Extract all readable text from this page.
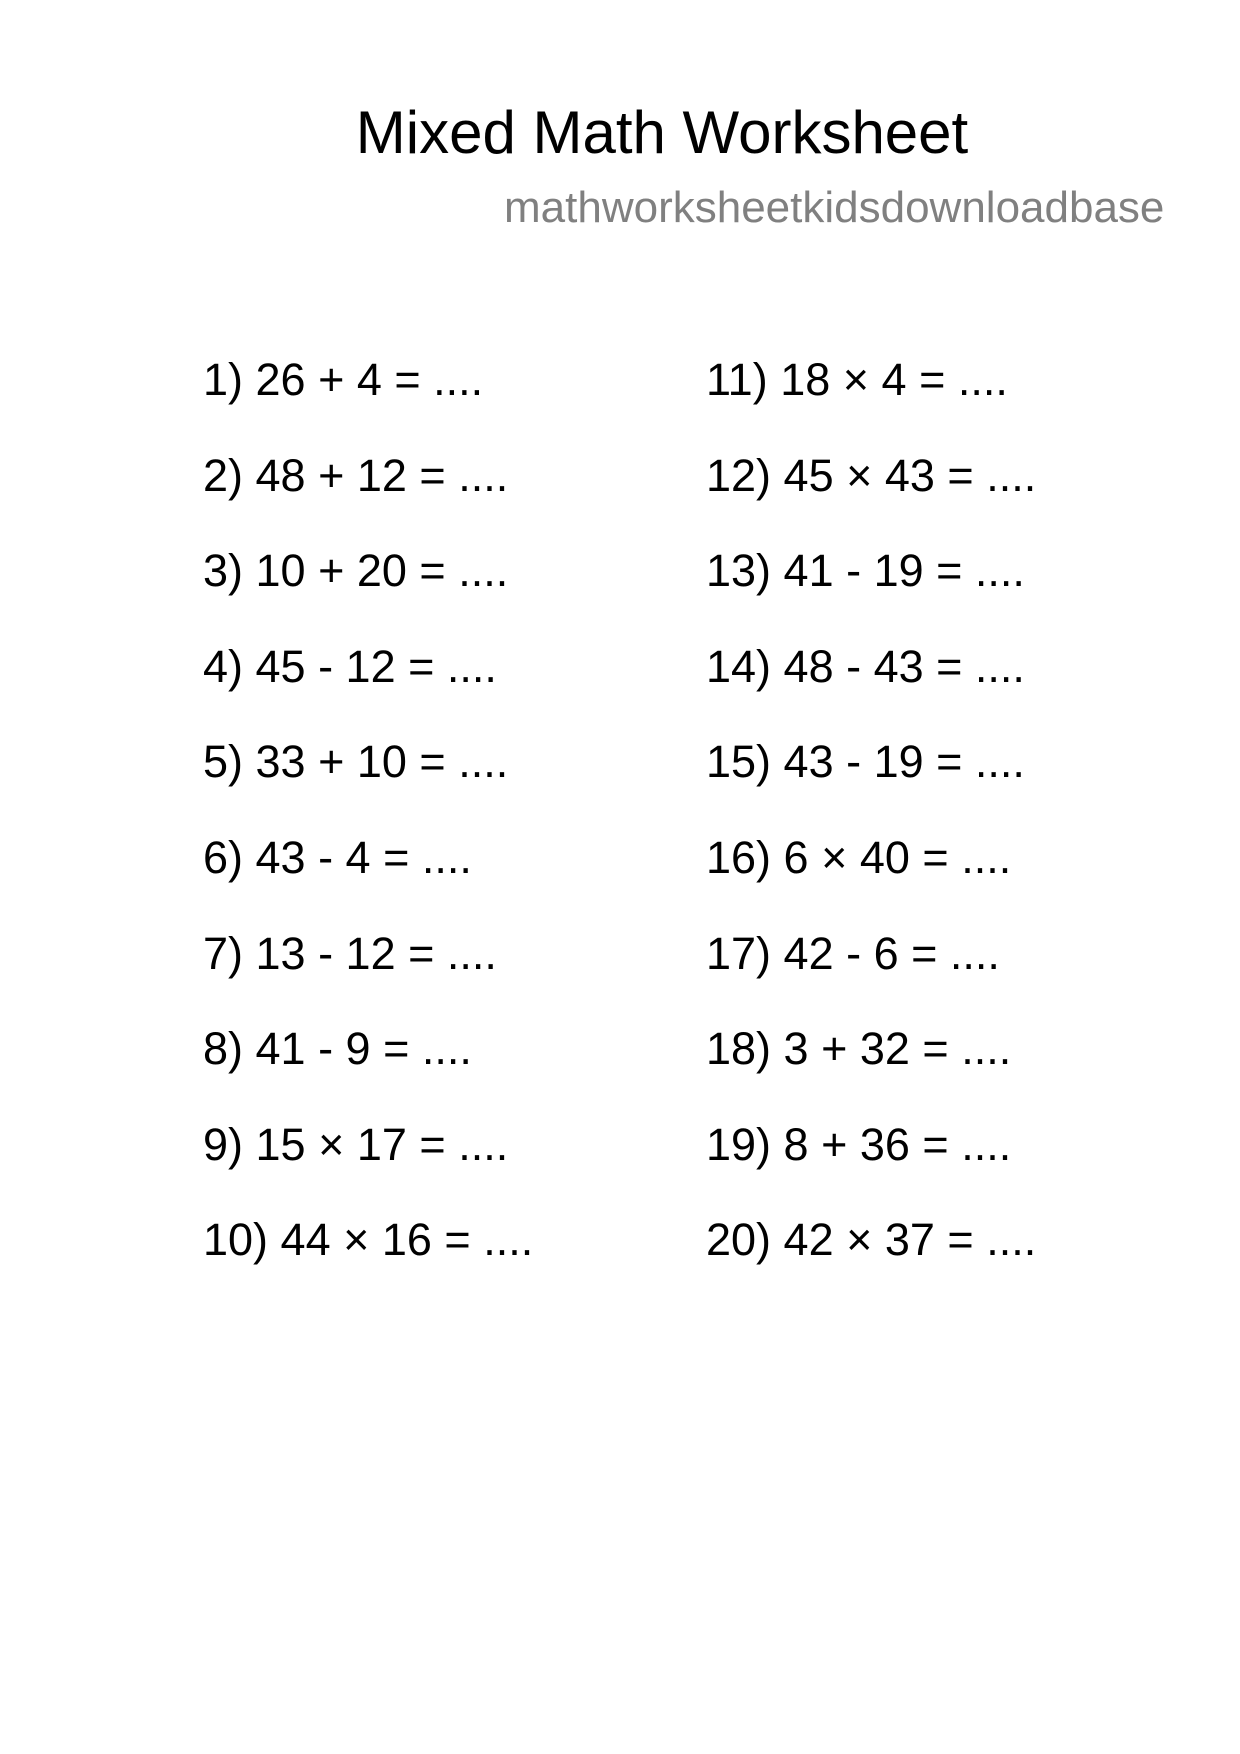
Mixed Math Worksheet
mathworksheetkidsdownloadbase
1) 26 + 4 = ....
2) 48 + 12 = ....
3) 10 + 20 = ....
4) 45 - 12 = ....
5) 33 + 10 = ....
6) 43 - 4 = ....
7) 13 - 12 = ....
8) 41 - 9 = ....
9) 15 × 17 = ....
10) 44 × 16 = ....
11) 18 × 4 = ....
12) 45 × 43 = ....
13) 41 - 19 = ....
14) 48 - 43 = ....
15) 43 - 19 = ....
16) 6 × 40 = ....
17) 42 - 6 = ....
18) 3 + 32 = ....
19) 8 + 36 = ....
20) 42 × 37 = ....
